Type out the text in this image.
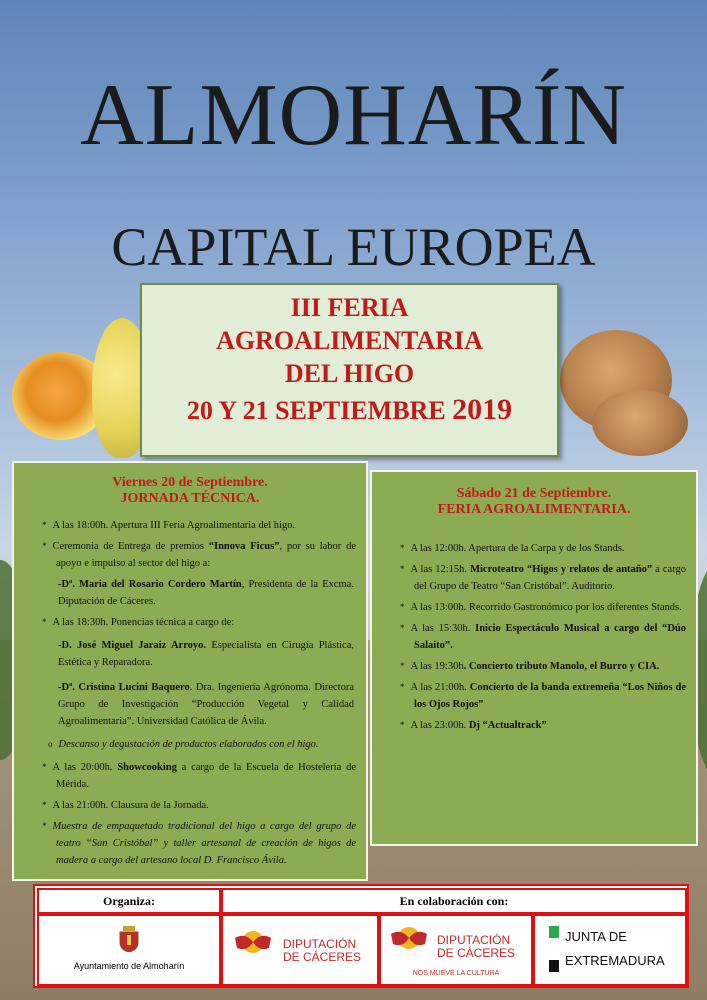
ALMOHARÍN
CAPITAL EUROPEA
III FERIA
AGROALIMENTARIA
DEL HIGO
20 Y 21 SEPTIEMBRE 2019
Viernes 20 de Septiembre.
JORNADA TÉCNICA.
* A las 18:00h. Apertura III Feria Agroalimentaria del higo.
* Ceremonia de Entrega de premios “Innova Ficus”, por su labor de apoyo e impulso al sector del higo a:
-Dª. Maria del Rosario Cordero Martín, Presidenta de la Excma. Diputación de Cáceres.
* A las 18:30h. Ponencias técnica a cargo de:
-D. José Miguel Jaraiz Arroyo. Especialista en Cirugía Plástica, Estética y Reparadora.
-Dª. Cristina Lucini Baquero. Dra. Ingeniería Agrónoma. Directora Grupo de Investigación “Producción Vegetal y Calidad Agroalimentaria”. Universidad Católica de Ávila.
o Descanso y degustación de productos elaborados con el higo.
* A las 20:00h. Showcooking a cargo de la Escuela de Hostelería de Mérida.
* A las 21:00h. Clausura de la Jornada.
* Muestra de empaquetado tradicional del higo a cargo del grupo de teatro “San Cristóbal” y taller artesanal de creación de higos de madera a cargo del artesano local D. Francisco Ávila.
Sábado 21 de Septiembre.
FERIA AGROALIMENTARIA.
* A las 12:00h. Apertura de la Carpa y de los Stands.
* A las 12:15h. Microteatro “Higos y relatos de antaño” a cargo del Grupo de Teatro “San Cristóbal”. Auditorio.
* A las 13:00h. Recorrido Gastronómico por los diferentes Stands.
* A las 15:30h. Inicio Espectáculo Musical a cargo del “Dúo Salaito”.
* A las 19:30h. Concierto tributo Manolo, el Burro y CIA.
* A las 21:00h. Concierto de la banda extremeña “Los Niños de los Ojos Rojos”
* A las 23:00h. Dj “Actualtrack”
Organiza:	En colaboración con:
Ayuntamiento de Almoharín
DIPUTACIÓN
DE CÁCERES
DIPUTACIÓN
DE CÁCERES
NOS MUEVE LA CULTURA
JUNTA DE
EXTREMADURA
